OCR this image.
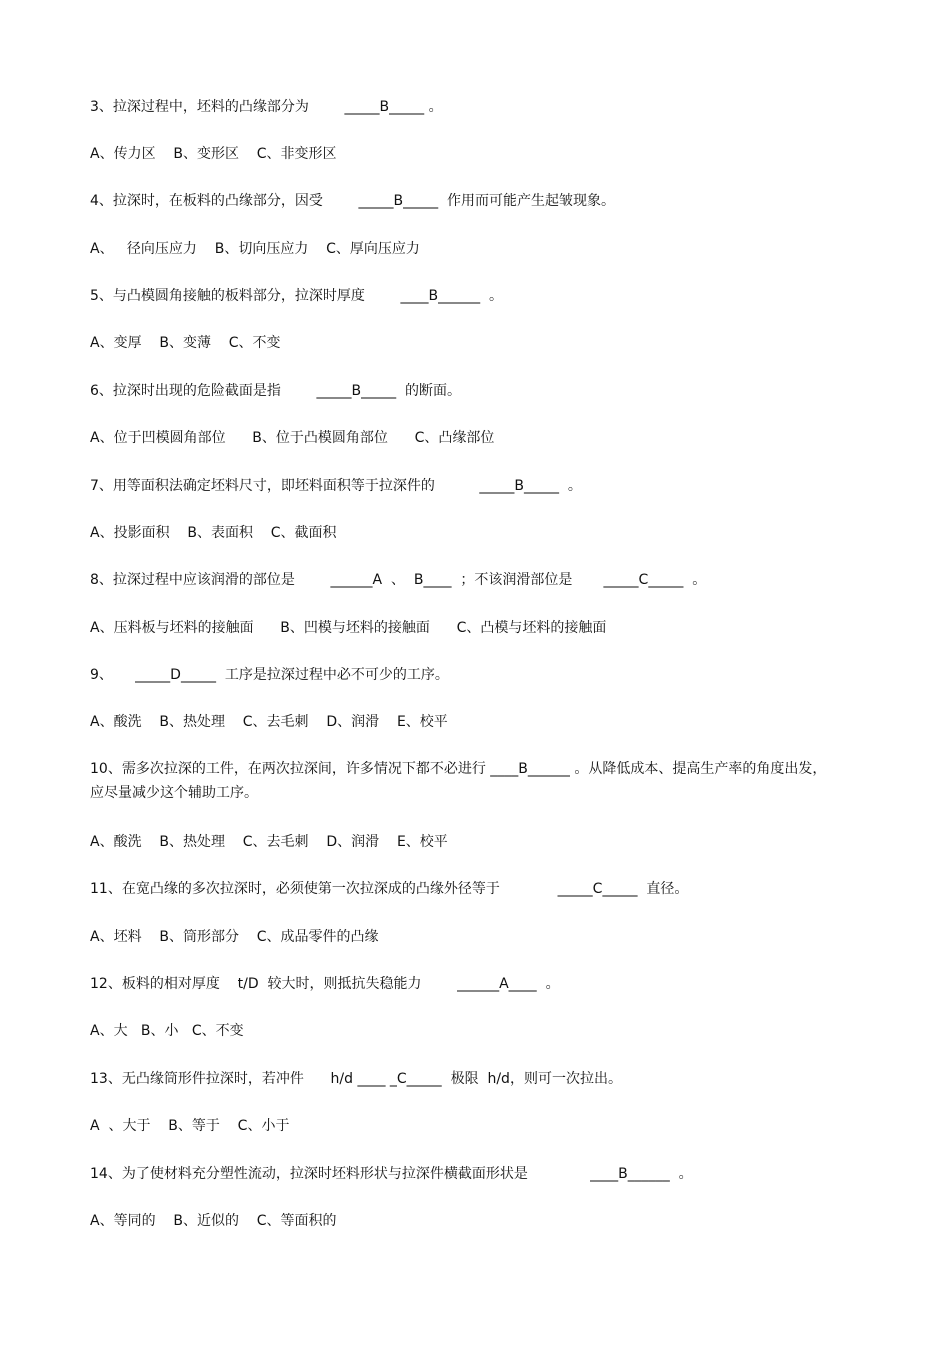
3、拉深过程中，坯料的凸缘部分为        _____B_____ 。
A、传力区    B、变形区    C、非变形区
4、拉深时，在板料的凸缘部分，因受        _____B_____  作用而可能产生起皱现象。
A、   径向压应力    B、切向压应力    C、厚向压应力
5、与凸模圆角接触的板料部分，拉深时厚度        ____B______  。
A、变厚    B、变薄    C、不变
6、拉深时出现的危险截面是指        _____B_____  的断面。
A、位于凹模圆角部位      B、位于凸模圆角部位      C、凸缘部位
7、用等面积法确定坯料尺寸，即坯料面积等于拉深件的          _____B_____  。
A、投影面积    B、表面积    C、截面积
8、拉深过程中应该润滑的部位是        ______A  、  B____  ；不该润滑部位是       _____C_____  。
A、压料板与坯料的接触面      B、凹模与坯料的接触面      C、凸模与坯料的接触面
9、     _____D_____  工序是拉深过程中必不可少的工序。
A、酸洗    B、热处理    C、去毛刺    D、润滑    E、校平
10、需多次拉深的工件，在两次拉深间，许多情况下都不必进行 ____B______ 。从降低成本、提高生产率的角度出发，应尽量减少这个辅助工序。
A、酸洗    B、热处理    C、去毛刺    D、润滑    E、校平
11、在宽凸缘的多次拉深时，必须使第一次拉深成的凸缘外径等于             _____C_____  直径。
A、坯料    B、筒形部分    C、成品零件的凸缘
12、板料的相对厚度    t/D  较大时，则抵抗失稳能力        ______A____  。
A、大   B、小   C、不变
13、无凸缘筒形件拉深时，若冲件      h/d ____ _C_____  极限  h/d，则可一次拉出。
A  、大于    B、等于    C、小于
14、为了使材料充分塑性流动，拉深时坯料形状与拉深件横截面形状是              ____B______  。
A、等同的    B、近似的    C、等面积的
